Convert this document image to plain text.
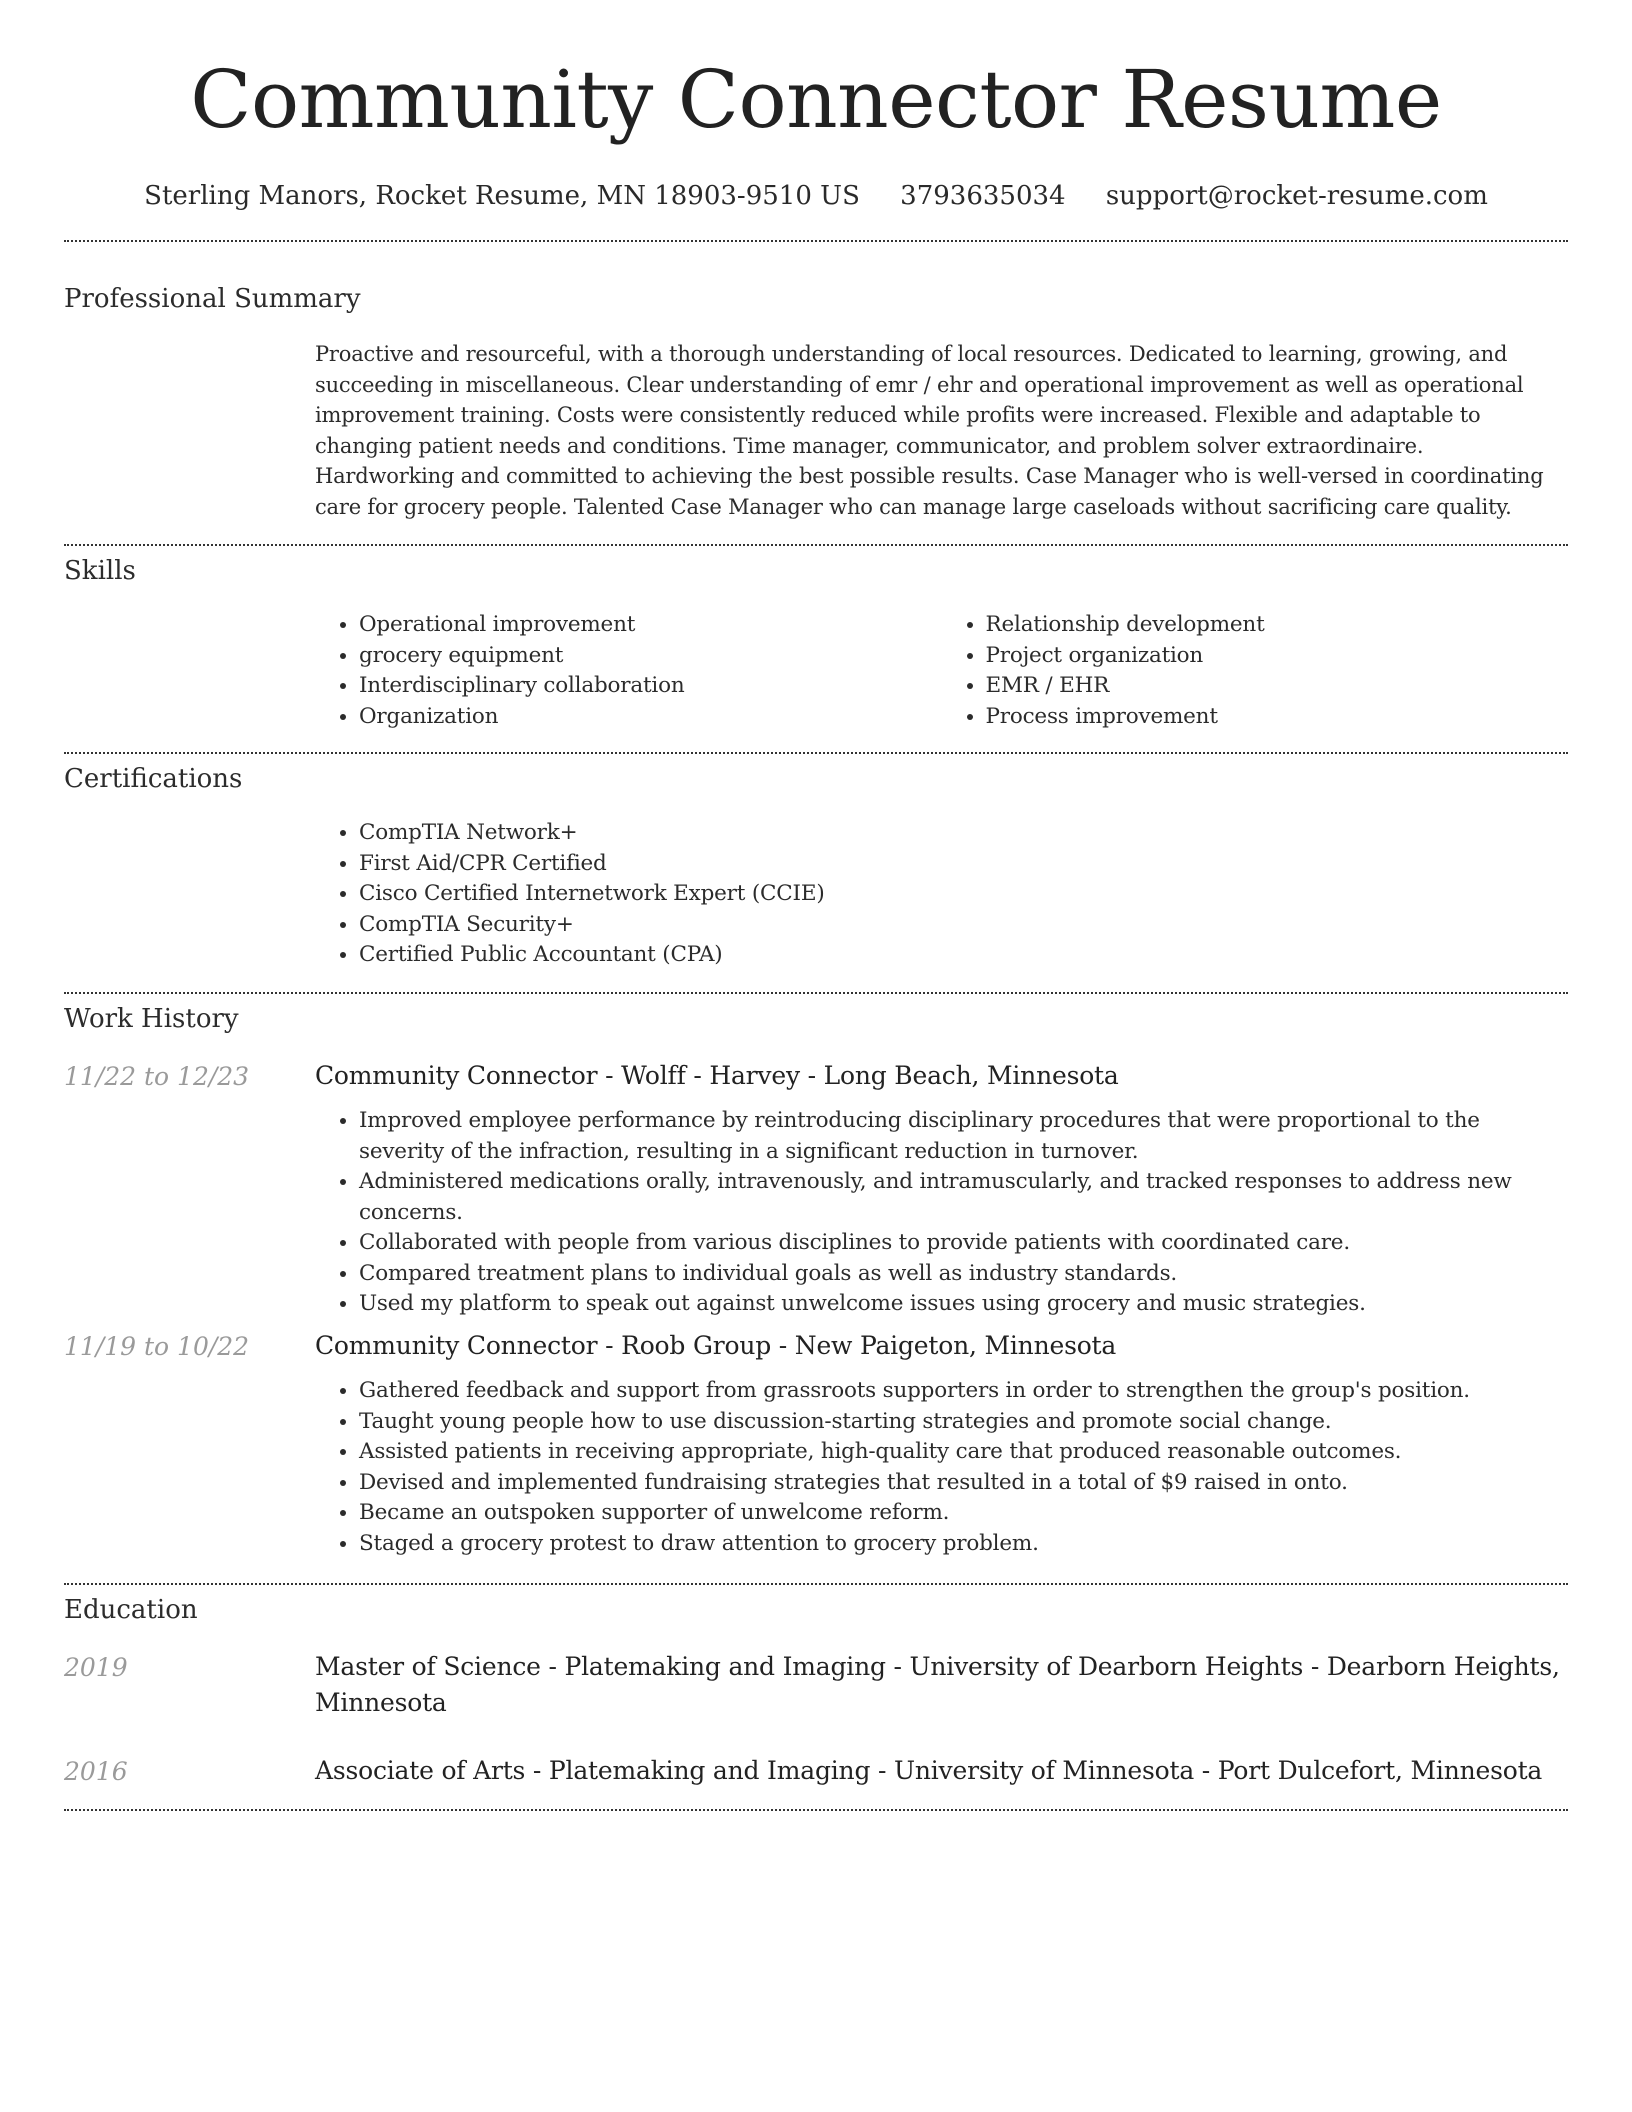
Community Connector Resume
Sterling Manors, Rocket Resume, MN 18903-9510 US 3793635034 support@rocket-resume.com
Professional Summary

Proactive and resourceful, with a thorough understanding of local resources. Dedicated to learning, growing, and succeeding in miscellaneous. Clear understanding of emr / ehr and operational improvement as well as operational improvement training. Costs were consistently reduced while profits were increased. Flexible and adaptable to changing patient needs and conditions. Time manager, communicator, and problem solver extraordinaire. Hardworking and committed to achieving the best possible results. Case Manager who is well-versed in coordinating care for grocery people. Talented Case Manager who can manage large caseloads without sacrificing care quality.

Skills
• Operational improvement
• grocery equipment
• Interdisciplinary collaboration
• Organization
• Relationship development
• Project organization
• EMR / EHR
• Process improvement
Certifications
• CompTIA Network+
• First Aid/CPR Certified
• Cisco Certified Internetwork Expert (CCIE)
• CompTIA Security+
• Certified Public Accountant (CPA)
Work History
11/22 to 12/23	Community Connector - Wolff - Harvey - Long Beach, Minnesota
• Improved employee performance by reintroducing disciplinary procedures that were proportional to the severity of the infraction, resulting in a significant reduction in turnover.
• Administered medications orally, intravenously, and intramuscularly, and tracked responses to address new concerns.
• Collaborated with people from various disciplines to provide patients with coordinated care.
• Compared treatment plans to individual goals as well as industry standards.
• Used my platform to speak out against unwelcome issues using grocery and music strategies.
11/19 to 10/22	Community Connector - Roob Group - New Paigeton, Minnesota
• Gathered feedback and support from grassroots supporters in order to strengthen the group's position.
• Taught young people how to use discussion-starting strategies and promote social change.
• Assisted patients in receiving appropriate, high-quality care that produced reasonable outcomes.
• Devised and implemented fundraising strategies that resulted in a total of $9 raised in onto.
• Became an outspoken supporter of unwelcome reform.
• Staged a grocery protest to draw attention to grocery problem.
Education
2019	Master of Science - Platemaking and Imaging - University of Dearborn Heights - Dearborn Heights, Minnesota
2016	Associate of Arts - Platemaking and Imaging - University of Minnesota - Port Dulcefort, Minnesota
